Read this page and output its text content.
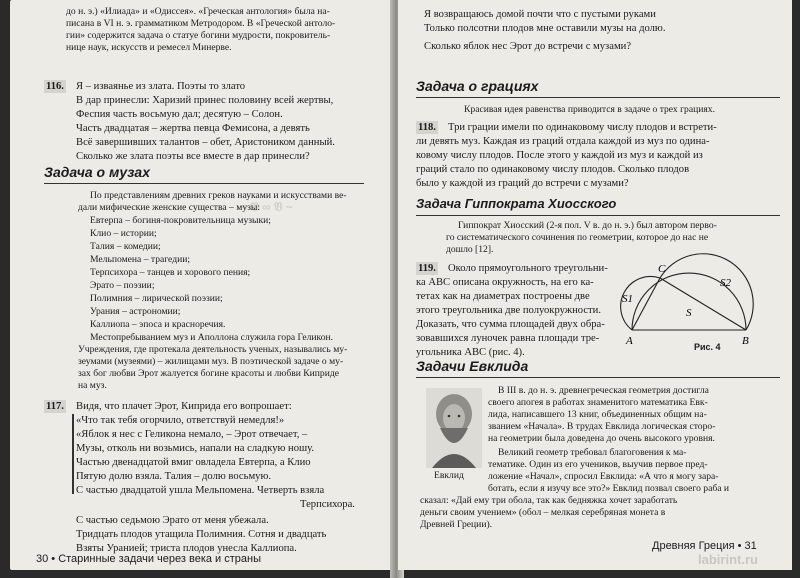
~ 𝔙 ∞ 𝔙 ~
до н. э.) «Илиада» и «Одиссея». «Греческая антология» была на-
писана в VI н. э. грамматиком Метродором. В «Греческой антоло-
гии» содержится задача о статуе богини мудрости, покровитель-
нице наук, искусств и ремесел Минерве.
116. Я – изваянье из злата. Поэты то злато
В дар принесли: Харизий принес половину всей жертвы,
Феспия часть восьмую дал; десятую – Солон.
Часть двадцатая – жертва певца Фемисона, а девять
Всё завершивших талантов – обет, Аристоником данный.
Сколько же злата поэты все вместе в дар принесли?
Задача о музах
По представлениям древних греков науками и искусствами ве-
дали мифические женские существа – музы:
Евтерпа – богиня-покровительница музыки;
Клио – истории;
Талия – комедии;
Мельпомена – трагедии;
Терпсихора – танцев и хорового пения;
Эрато – поэзии;
Полимния – лирической поэзии;
Урания – астрономии;
Каллиопа – эпоса и красноречия.
Местопребыванием муз и Аполлона служила гора Геликон.
Учреждения, где протекала деятельность ученых, назывались му-
зеумами (музеями) – жилищами муз. В поэтической задаче о му-
зах бог любви Эрот жалуется богине красоты и любви Киприде
на муз.
117. Видя, что плачет Эрот, Киприда его вопрошает:
«Что так тебя огорчило, ответствуй немедля!»
«Яблок я нес с Геликона немало, – Эрот отвечает, –
Музы, отколь ни возьмись, напали на сладкую ношу.
Частью двенадцатой вмиг овладела Евтерпа, а Клио
Пятую долю взяла. Талия – долю восьмую.
С частью двадцатой ушла Мельпомена. Четверть взяла
Терпсихора.
С частью седьмою Эрато от меня убежала.
Тридцать плодов утащила Полимния. Сотня и двадцать
Взяты Уранией; триста плодов унесла Каллиопа.
30 • Старинные задачи через века и страны
Я возвращаюсь домой почти что с пустыми руками
Только полсотни плодов мне оставили музы на долю.
Сколько яблок нес Эрот до встречи с музами?
Задача о грациях
Красивая идея равенства приводится в задаче о трех грациях.
118. Три грации имели по одинаковому числу плодов и встрети-
ли девять муз. Каждая из граций отдала каждой из муз по одина-
ковому числу плодов. После этого у каждой из муз и каждой из
граций стало по одинаковому числу плодов. Сколько плодов
было у каждой из граций до встречи с музами?
Задача Гиппократа Хиосского
Гиппократ Хиосский (2-я пол. V в. до н. э.) был автором перво-
го систематического сочинения по геометрии, которое до нас не
дошло [12].
119. Около прямоугольного треугольни-
ка ABC описана окружность, на его ка-
тетах как на диаметрах построены две
этого треугольника две полуокружности.
Доказать, что сумма площадей двух обра-
зовавшихся луночек равна площади тре-
угольника ABC (рис. 4).
C
S2
S1
S
A	B
Рис. 4
Задачи Евклида
Евклид
В III в. до н. э. древнегреческая геометрия достигла
своего апогея в работах знаменитого математика Евк-
лида, написавшего 13 книг, объединенных общим на-
званием «Начала». В трудах Евклида логическая сторо-
на геометрии была доведена до очень высокого уровня.
Великий геометр требовал благоговения к ма-
тематике. Один из его учеников, выучив первое пред-
ложение «Начал», спросил Евклида: «А что я могу зара-
ботать, если я изучу все это?» Евклид позвал своего раба и
сказал: «Дай ему три обола, так как бедняжка хочет заработать
деньги своим учением» (обол – мелкая серебряная монета в
Древней Греции).
Древняя Греция • 31
labirint.ru
